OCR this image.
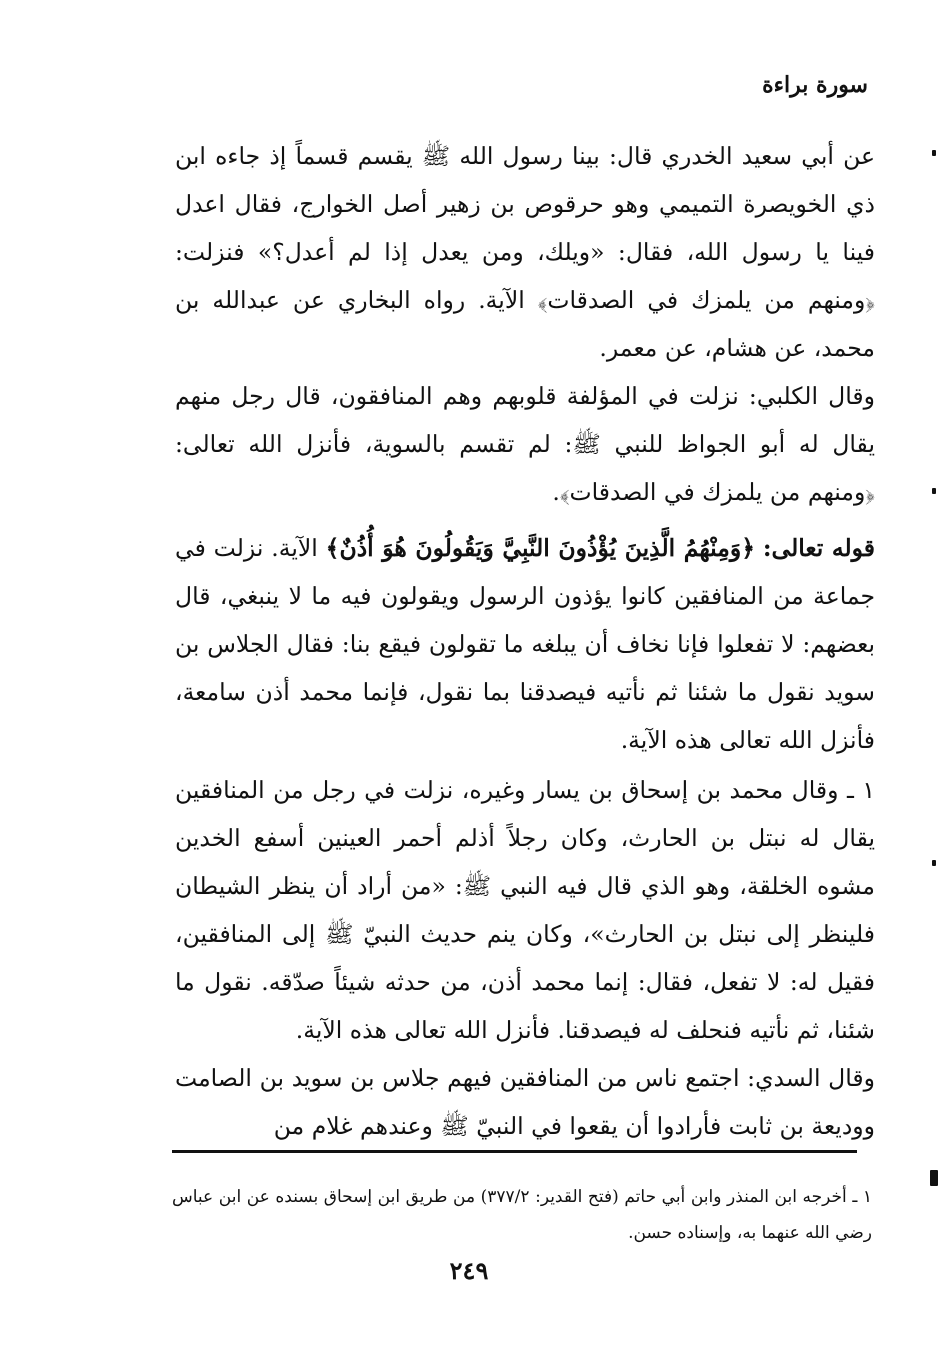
سورة براءة

عن أبي سعيد الخدري قال: بينا رسول الله ﷺ يقسم قسماً إذ جاءه ابن ذي الخويصرة التميمي وهو حرقوص بن زهير أصل الخوارج، فقال اعدل فينا يا رسول الله، فقال: «ويلك، ومن يعدل إذا لم أعدل؟» فنزلت: ﴿ومنهم من يلمزك في الصدقات﴾ الآية. رواه البخاري عن عبدالله بن محمد، عن هشام، عن معمر.

وقال الكلبي: نزلت في المؤلفة قلوبهم وهم المنافقون، قال رجل منهم يقال له أبو الجواظ للنبي ﷺ: لم تقسم بالسوية، فأنزل الله تعالى: ﴿ومنهم من يلمزك في الصدقات﴾.

قوله تعالى: ﴿وَمِنْهُمُ الَّذِينَ يُؤْذُونَ النَّبِيَّ وَيَقُولُونَ هُوَ أُذُنٌ﴾ الآية. نزلت في جماعة من المنافقين كانوا يؤذون الرسول ويقولون فيه ما لا ينبغي، قال بعضهم: لا تفعلوا فإنا نخاف أن يبلغه ما تقولون فيقع بنا: فقال الجلاس بن سويد نقول ما شئنا ثم نأتيه فيصدقنا بما نقول، فإنما محمد أذن سامعة، فأنزل الله تعالى هذه الآية.

١ ـ وقال محمد بن إسحاق بن يسار وغيره، نزلت في رجل من المنافقين يقال له نبتل بن الحارث، وكان رجلاً أذلم أحمر العينين أسفع الخدين مشوه الخلقة، وهو الذي قال فيه النبي ﷺ: «من أراد أن ينظر الشيطان فلينظر إلى نبتل بن الحارث»، وكان ينم حديث النبيّ ﷺ إلى المنافقين، فقيل له: لا تفعل، فقال: إنما محمد أذن، من حدثه شيئاً صدّقه. نقول ما شئنا، ثم نأتيه فنحلف له فيصدقنا. فأنزل الله تعالى هذه الآية.

وقال السدي: اجتمع ناس من المنافقين فيهم جلاس بن سويد بن الصامت ووديعة بن ثابت فأرادوا أن يقعوا في النبيّ ﷺ وعندهم غلام من

١ ـ أخرجه ابن المنذر وابن أبي حاتم (فتح القدير: ٣٧٧/٢) من طريق ابن إسحاق بسنده عن ابن عباس رضي الله عنهما به، وإسناده حسن.

٢٤٩
